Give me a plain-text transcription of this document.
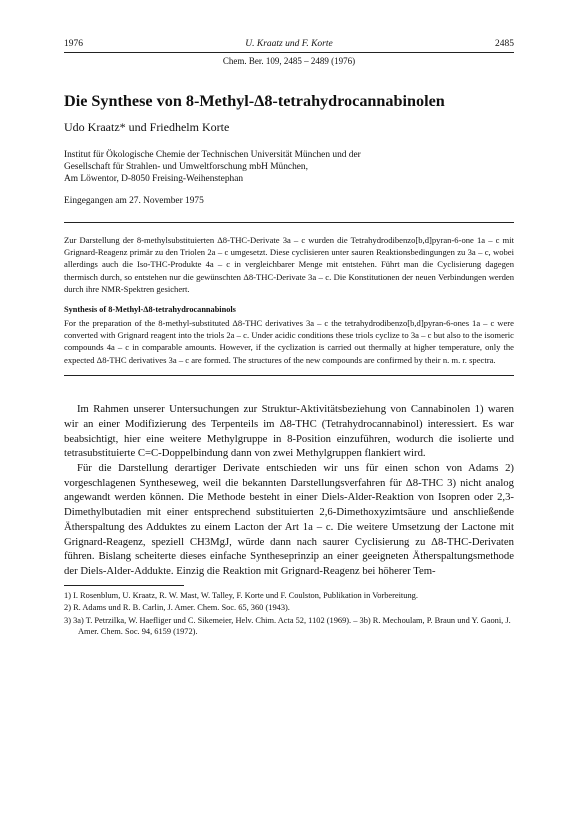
1976	U. Kraatz und F. Korte	2485
Chem. Ber. 109, 2485 – 2489 (1976)
Die Synthese von 8-Methyl-Δ8-tetrahydrocannabinolen
Udo Kraatz* und Friedhelm Korte
Institut für Ökologische Chemie der Technischen Universität München und der
Gesellschaft für Strahlen- und Umweltforschung mbH München,
Am Löwentor, D-8050 Freising-Weihenstephan
Eingegangen am 27. November 1975

Zur Darstellung der 8-methylsubstituierten Δ8-THC-Derivate 3a – c wurden die Tetrahydrodibenzo[b,d]pyran-6-one 1a – c mit Grignard-Reagenz primär zu den Triolen 2a – c umgesetzt. Diese cyclisieren unter sauren Reaktionsbedingungen zu 3a – c, wobei allerdings auch die Iso-THC-Produkte 4a – c in vergleichbarer Menge mit entstehen. Führt man die Cyclisierung dagegen thermisch durch, so entstehen nur die gewünschten Δ8-THC-Derivate 3a – c. Die Konstitutionen der neuen Verbindungen werden durch ihre NMR-Spektren gesichert.

Synthesis of 8-Methyl-Δ8-tetrahydrocannabinols

For the preparation of the 8-methyl-substituted Δ8-THC derivatives 3a – c the tetrahydrodibenzo[b,d]pyran-6-ones 1a – c were converted with Grignard reagent into the triols 2a – c. Under acidic conditions these triols cyclize to 3a – c but also to the isomeric compounds 4a – c in comparable amounts. However, if the cyclization is carried out thermally at higher temperature, only the expected Δ8-THC derivatives 3a – c are formed. The structures of the new compounds are confirmed by their n. m. r. spectra.

Im Rahmen unserer Untersuchungen zur Struktur-Aktivitätsbeziehung von Cannabinolen 1) waren wir an einer Modifizierung des Terpenteils im Δ8-THC (Tetrahydrocannabinol) interessiert. Es war beabsichtigt, hier eine weitere Methylgruppe in 8-Position einzuführen, wodurch die isolierte und tetrasubstituierte C=C-Doppelbindung dann von zwei Methylgruppen flankiert wird.

Für die Darstellung derartiger Derivate entschieden wir uns für einen schon von Adams 2) vorgeschlagenen Syntheseweg, weil die bekannten Darstellungsverfahren für Δ8-THC 3) nicht analog angewandt werden können. Die Methode besteht in einer Diels-Alder-Reaktion von Isopren oder 2,3-Dimethylbutadien mit einer entsprechend substituierten 2,6-Dimethoxyzimtsäure und anschließende Ätherspaltung des Adduktes zu einem Lacton der Art 1a – c. Die weitere Umsetzung der Lactone mit Grignard-Reagenz, speziell CH3MgJ, würde dann nach saurer Cyclisierung zu Δ8-THC-Derivaten führen. Bislang scheiterte dieses einfache Syntheseprinzip an einer geeigneten Ätherspaltungsmethode der Diels-Alder-Addukte. Einzig die Reaktion mit Grignard-Reagenz bei höherer Tem-

1) I. Rosenblum, U. Kraatz, R. W. Mast, W. Talley, F. Korte und F. Coulston, Publikation in Vorbereitung.

2) R. Adams und R. B. Carlin, J. Amer. Chem. Soc. 65, 360 (1943).

3) 3a) T. Petrzilka, W. Haefliger und C. Sikemeier, Helv. Chim. Acta 52, 1102 (1969). – 3b) R. Mechoulam, P. Braun und Y. Gaoni, J. Amer. Chem. Soc. 94, 6159 (1972).
